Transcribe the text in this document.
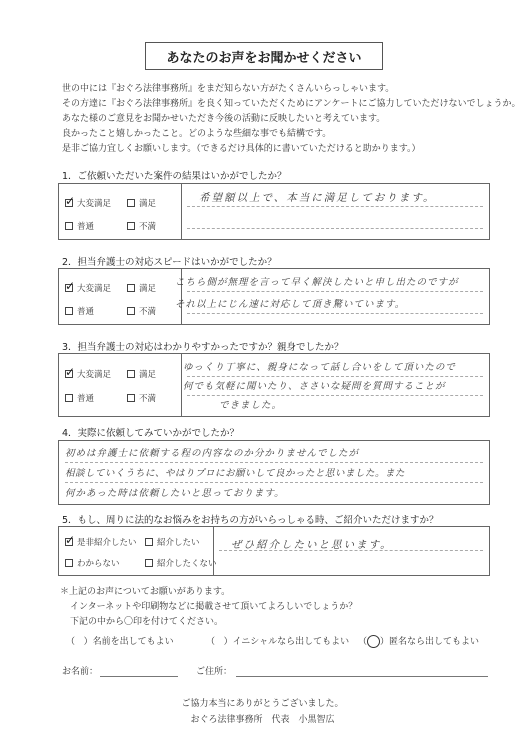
あなたのお声をお聞かせください
世の中には『おぐろ法律事務所』をまだ知らない方がたくさんいらっしゃいます。
その方達に『おぐろ法律事務所』を良く知っていただくためにアンケートにご協力していただけないでしょうか。
あなた様のご意見をお聞かせいただき今後の活動に反映したいと考えています。
良かったこと嬉しかったこと。どのような些細な事でも結構です。
是非ご協力宜しくお願いします。（できるだけ具体的に書いていただけると助かります。）
1．ご依頼いただいた案件の結果はいかがでしたか？
✓
大変満足	満足
普通	不満
希望額以上で、本当に満足しております。
2．担当弁護士の対応スピードはいかがでしたか？
✓
大変満足	満足
普通	不満
こちら側が無理を言って早く解決したいと申し出たのですが
それ以上にじん速に対応して頂き驚いています。
3．担当弁護士の対応はわかりやすかったですか？親身でしたか？
✓
大変満足	満足
普通	不満
ゆっくり丁寧に、親身になって話し合いをして頂いたので
何でも気軽に聞いたり、ささいな疑問を質問することが
できました。
4．実際に依頼してみていかがでしたか？
初めは弁護士に依頼する程の内容なのか分かりませんでしたが
相談していくうちに、やはりプロにお願いして良かったと思いました。また
何かあった時は依頼したいと思っております。
5．もし、周りに法的なお悩みをお持ちの方がいらっしゃる時、ご紹介いただけますか？
✓
是非紹介したい 紹介したい
わからない	紹介したくない
ぜひ紹介したいと思います。
＊上記のお声についてお願いがあります。
インターネットや印刷物などに掲載させて頂いてよろしいでしょうか？
下記の中から〇印を付けてください。
（ ）名前を出してもよい	（ ）イニシャルなら出してもよい （ ）匿名なら出してもよい
お名前：	ご住所：
ご協力本当にありがとうございました。
おぐろ法律事務所　代表　小黒智広
